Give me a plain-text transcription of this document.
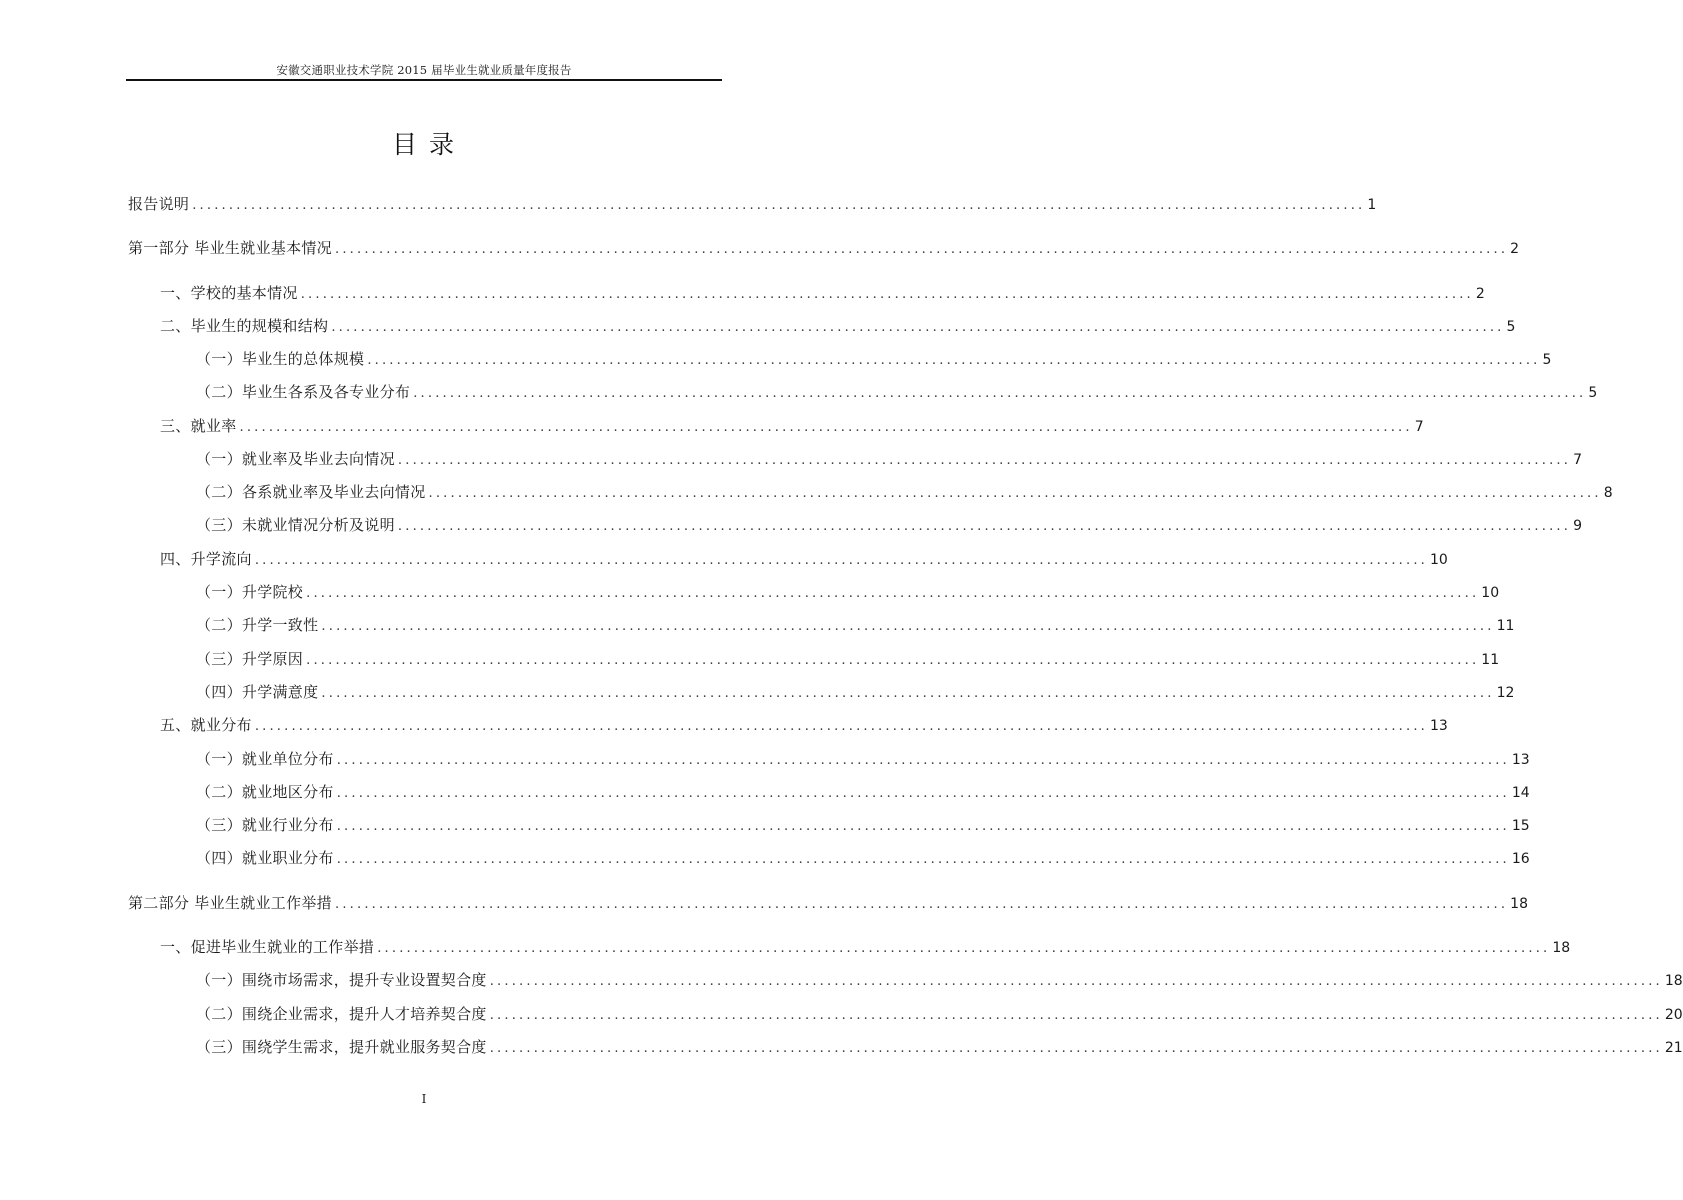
安徽交通职业技术学院 2015 届毕业生就业质量年度报告
目 录
报告说明 ................................................................................................................................................................ 1
第一部分 毕业生就业基本情况 ................................................................................................................................................................ 2
一、学校的基本情况 ................................................................................................................................................................ 2
二、毕业生的规模和结构 ................................................................................................................................................................ 5
（一）毕业生的总体规模 ................................................................................................................................................................ 5
（二）毕业生各系及各专业分布 ................................................................................................................................................................ 5
三、就业率 ................................................................................................................................................................ 7
（一）就业率及毕业去向情况 ................................................................................................................................................................ 7
（二）各系就业率及毕业去向情况 ................................................................................................................................................................ 8
（三）未就业情况分析及说明 ................................................................................................................................................................ 9
四、升学流向 ................................................................................................................................................................ 10
（一）升学院校 ................................................................................................................................................................ 10
（二）升学一致性 ................................................................................................................................................................ 11
（三）升学原因 ................................................................................................................................................................ 11
（四）升学满意度 ................................................................................................................................................................ 12
五、就业分布 ................................................................................................................................................................ 13
（一）就业单位分布 ................................................................................................................................................................ 13
（二）就业地区分布 ................................................................................................................................................................ 14
（三）就业行业分布 ................................................................................................................................................................ 15
（四）就业职业分布 ................................................................................................................................................................ 16
第二部分 毕业生就业工作举措 ................................................................................................................................................................ 18
一、促进毕业生就业的工作举措 ................................................................................................................................................................ 18
（一）围绕市场需求，提升专业设置契合度 ................................................................................................................................................................ 18
（二）围绕企业需求，提升人才培养契合度 ................................................................................................................................................................ 20
（三）围绕学生需求，提升就业服务契合度 ................................................................................................................................................................ 21
I
